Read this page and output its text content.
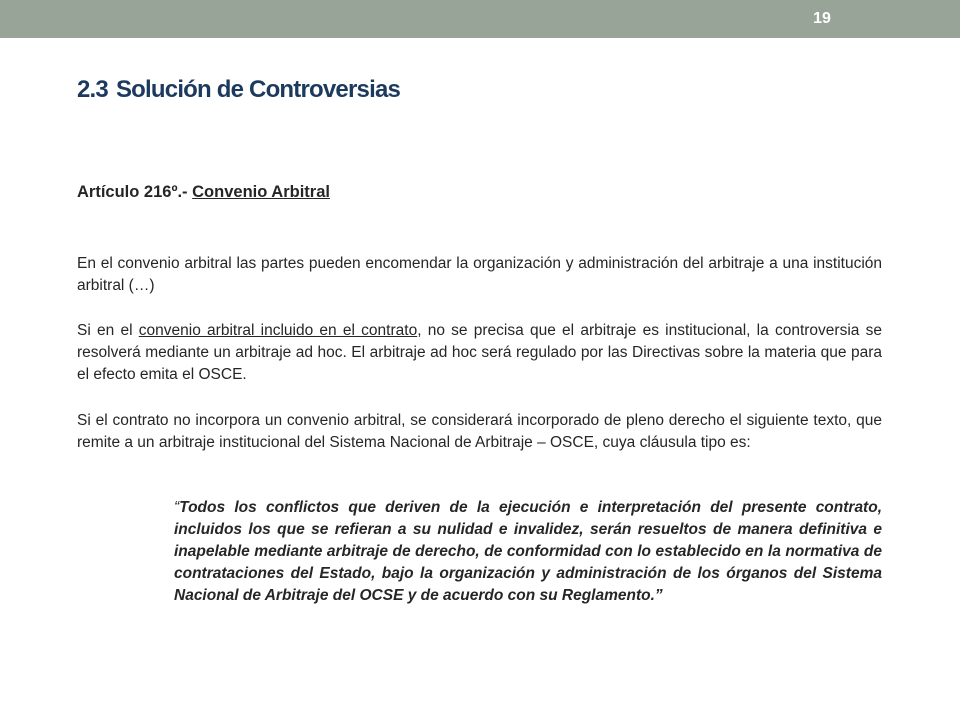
19
2.3 Solución de Controversias
Artículo 216º.- Convenio Arbitral
En el convenio arbitral las partes pueden encomendar la organización y administración del arbitraje a una institución arbitral (…)
Si en el convenio arbitral incluido en el contrato, no se precisa que el arbitraje es institucional, la controversia se resolverá mediante un arbitraje ad hoc. El arbitraje ad hoc será regulado por las Directivas sobre la materia que para el efecto emita el OSCE.
Si el contrato no incorpora un convenio arbitral, se considerará incorporado de pleno derecho el siguiente texto, que remite a un arbitraje institucional del Sistema Nacional de Arbitraje – OSCE, cuya cláusula tipo es:
“Todos los conflictos que deriven de la ejecución e interpretación del presente contrato, incluidos los que se refieran a su nulidad e invalidez, serán resueltos de manera definitiva e inapelable mediante arbitraje de derecho, de conformidad con lo establecido en la normativa de contrataciones del Estado, bajo la organización y administración de los órganos del Sistema Nacional de Arbitraje del OCSE y de acuerdo con su Reglamento.”
